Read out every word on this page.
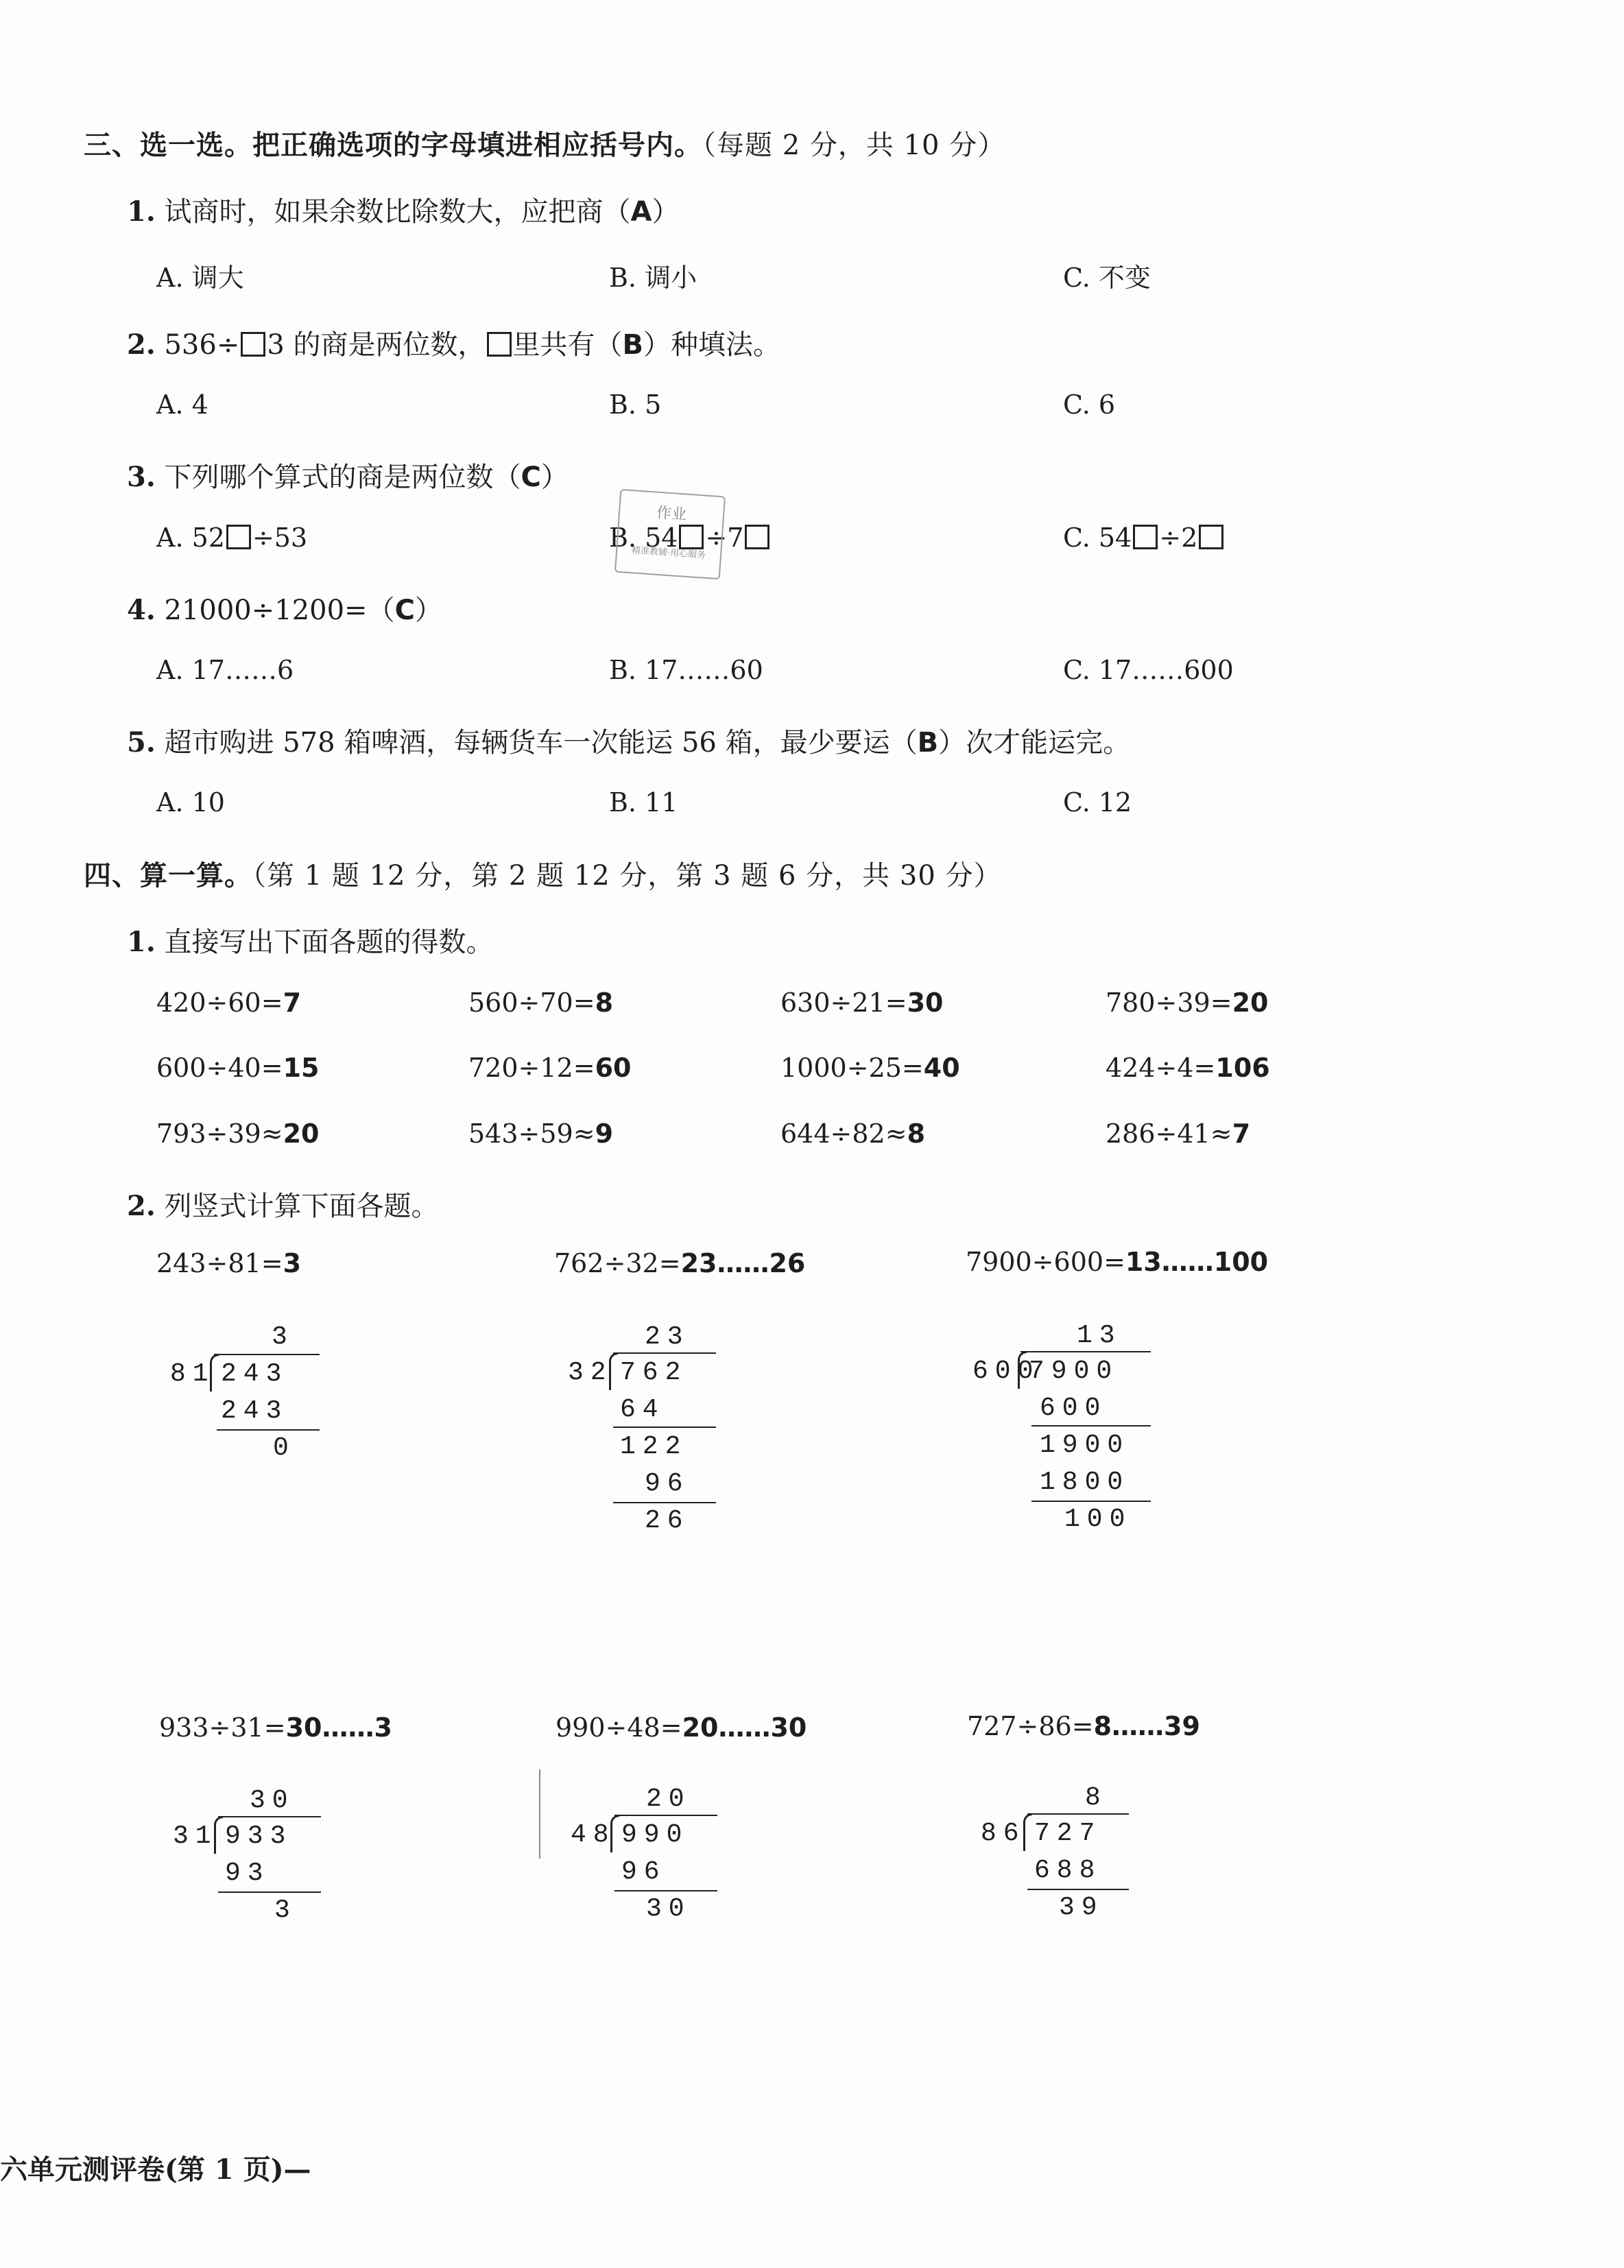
三、选一选。把正确选项的字母填进相应括号内。（每题 2 分，共 10 分）
1. 试商时，如果余数比除数大，应把商（A）
A. 调大	B. 调小	C. 不变
2. 536÷ 3 的商是两位数， 里共有（B）种填法。
A. 4	B. 5	C. 6
3. 下列哪个算式的商是两位数（C）
A. 52 ÷53	B. 54 ÷7	C. 54 ÷2
作业
精准教辅·用心服务
4. 21000÷1200=（C）
A. 17……6	B. 17……60	C. 17……600
5. 超市购进 578 箱啤酒，每辆货车一次能运 56 箱，最少要运（B）次才能运完。
A. 10	B. 11	C. 12
四、算一算。（第 1 题 12 分，第 2 题 12 分，第 3 题 6 分，共 30 分）
1. 直接写出下面各题的得数。
420÷60=7	560÷70=8	630÷21=30	780÷39=20
600÷40=15	720÷12=60	1000÷25=40	424÷4=106
793÷39≈20	543÷59≈9	644÷82≈8	286÷41≈7
2. 列竖式计算下面各题。
243÷81=3	762÷32=23……26	7900÷600=13……100
3
81 243
243
0
23
32 762
64
122
96
26
13
600
7900
600
1900
1800
100
933÷31=30……3	990÷48=20……30	727÷86=8……39
30
31 933
93
3
20
48 990
96
30
8
86 727
688
39
六单元测评卷(第 1 页)—
